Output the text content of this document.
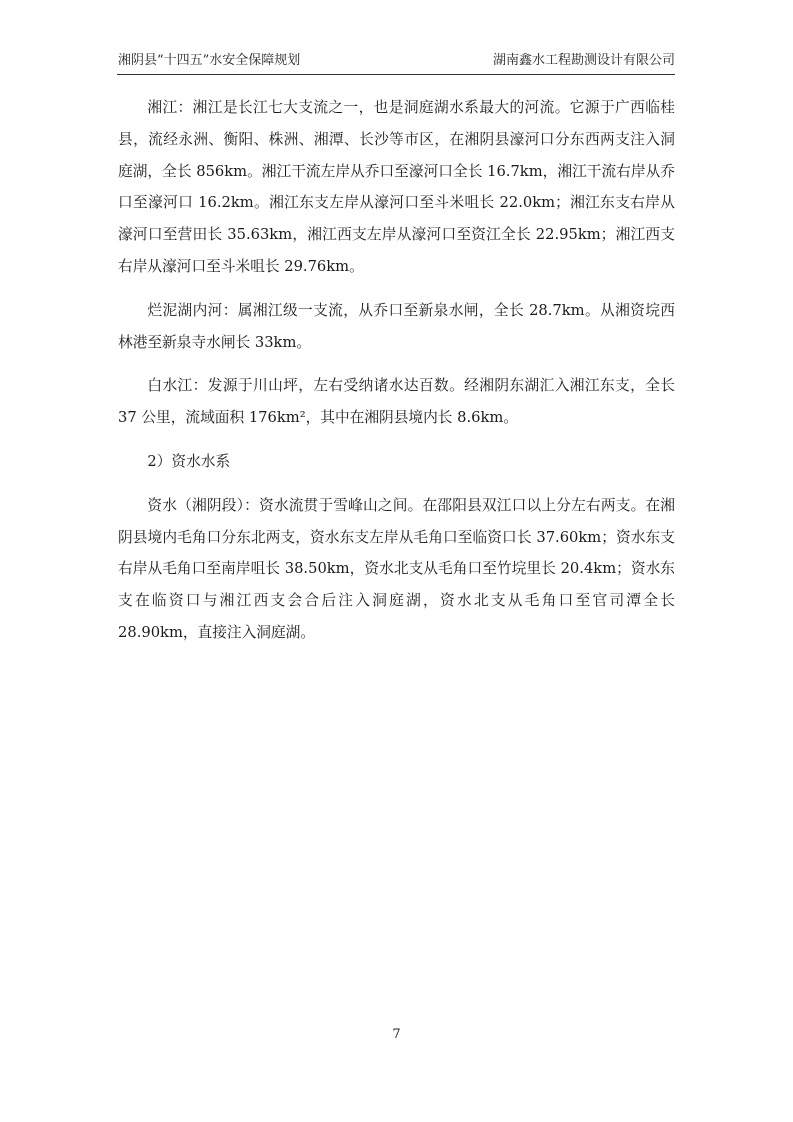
湘阴县“十四五”水安全保障规划	湖南鑫水工程勘测设计有限公司

湘江：湘江是长江七大支流之一，也是洞庭湖水系最大的河流。它源于广西临桂县，流经永洲、衡阳、株洲、湘潭、长沙等市区，在湘阴县濠河口分东西两支注入洞庭湖，全长 856km。湘江干流左岸从乔口至濠河口全长 16.7km，湘江干流右岸从乔口至濠河口 16.2km。湘江东支左岸从濠河口至斗米咀长 22.0km；湘江东支右岸从濠河口至营田长 35.63km，湘江西支左岸从濠河口至资江全长 22.95km；湘江西支右岸从濠河口至斗米咀长 29.76km。

烂泥湖内河：属湘江级一支流，从乔口至新泉水闸，全长 28.7km。从湘资垸西林港至新泉寺水闸长 33km。

白水江：发源于川山坪，左右受纳诸水达百数。经湘阴东湖汇入湘江东支，全长 37 公里，流域面积 176km²，其中在湘阴县境内长 8.6km。

2）资水水系

资水（湘阴段）：资水流贯于雪峰山之间。在邵阳县双江口以上分左右两支。在湘阴县境内毛角口分东北两支，资水东支左岸从毛角口至临资口长 37.60km；资水东支右岸从毛角口至南岸咀长 38.50km，资水北支从毛角口至竹垸里长 20.4km；资水东支在临资口与湘江西支会合后注入洞庭湖，资水北支从毛角口至官司潭全长 28.90km，直接注入洞庭湖。

7
